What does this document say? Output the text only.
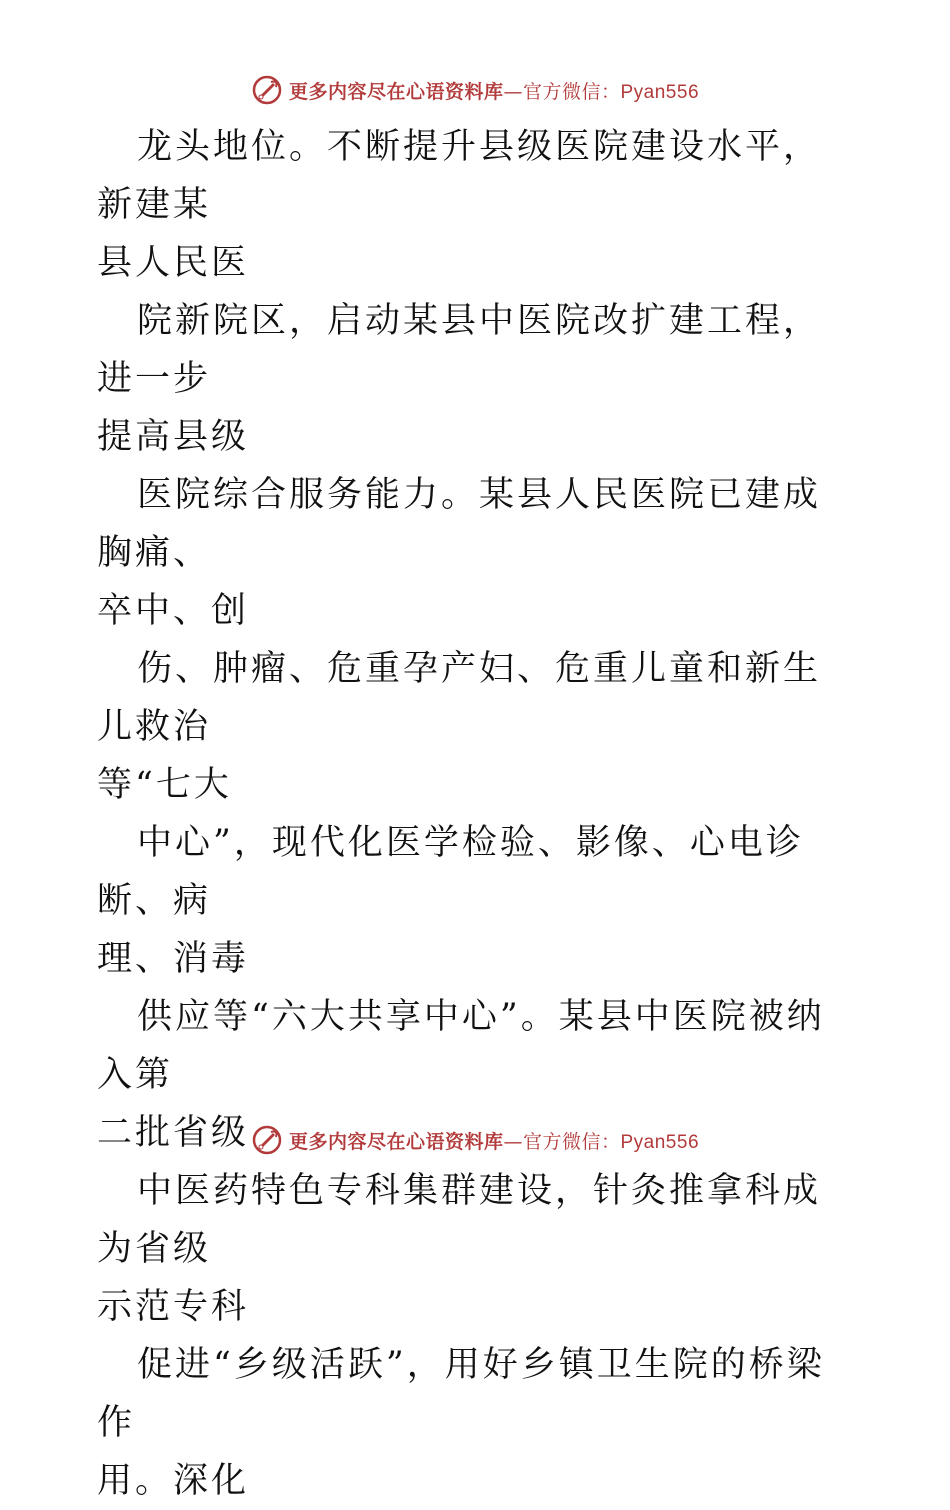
更多内容尽在心语资料库—官方微信：Pyan556

龙头地位。不断提升县级医院建设水平，新建某
县人民医

院新院区，启动某县中医院改扩建工程，进一步
提高县级

医院综合服务能力。某县人民医院已建成胸痛、
卒中、创

伤、肿瘤、危重孕产妇、危重儿童和新生儿救治
等“七大

中心”，现代化医学检验、影像、心电诊断、病
理、消毒

供应等“六大共享中心”。某县中医院被纳入第
二批省级

中医药特色专科集群建设，针灸推拿科成为省级
示范专科

促进“乡级活跃”，用好乡镇卫生院的桥梁作
用。深化

更多内容尽在心语资料库—官方微信：Pyan556
